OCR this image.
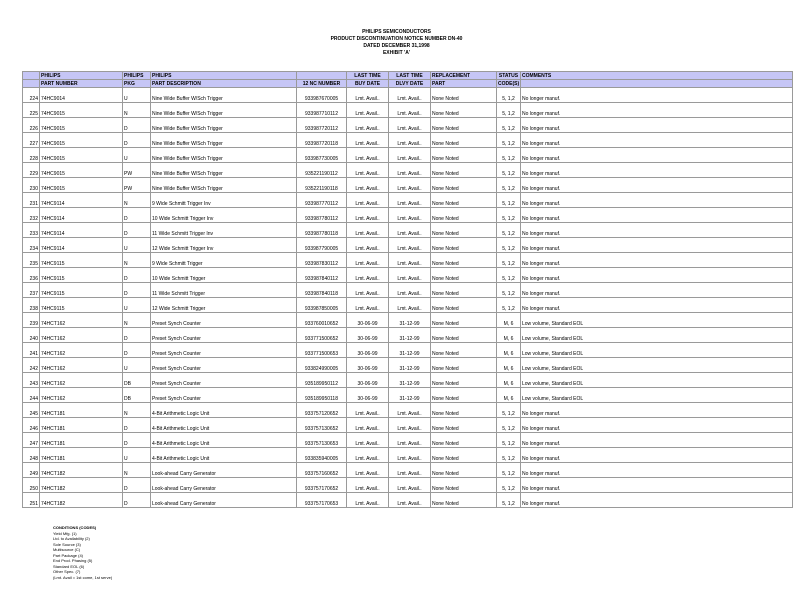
PHILIPS SEMICONDUCTORS
PRODUCT DISCONTINUATION NOTICE NUMBER DN-40
DATED DECEMBER 31,1998
EXHIBIT 'A'
	PHILIPS	PHILIPS	PHILIPS		LAST TIME	LAST TIME	REPLACEMENT	STATUS	COMMENTS
	PART NUMBER	PKG	PART DESCRIPTION	12 NC NUMBER	BUY DATE	DLVY DATE	PART	CODE(S)	
224	74HC9014	U	Nine Wide Buffer W/Sch Trigger	933987670005	Lmt. Avail..	Lmt. Avail..	None Noted	5, 1,2	No longer manuf.
225	74HC9015	N	Nine Wide Buffer W/Sch Trigger	933987710112	Lmt. Avail..	Lmt. Avail..	None Noted	5, 1,2	No longer manuf.
226	74HC9015	D	Nine Wide Buffer W/Sch Trigger	933987720112	Lmt. Avail..	Lmt. Avail..	None Noted	5, 1,2	No longer manuf.
227	74HC9015	D	Nine Wide Buffer W/Sch Trigger	933987720118	Lmt. Avail..	Lmt. Avail..	None Noted	5, 1,2	No longer manuf.
228	74HC9015	U	Nine Wide Buffer W/Sch Trigger	933987730005	Lmt. Avail..	Lmt. Avail..	None Noted	5, 1,2	No longer manuf.
229	74HC9015	PW	Nine Wide Buffer W/Sch Trigger	935221190112	Lmt. Avail..	Lmt. Avail..	None Noted	5, 1,2	No longer manuf.
230	74HC9015	PW	Nine Wide Buffer W/Sch Trigger	935221190118	Lmt. Avail..	Lmt. Avail..	None Noted	5, 1,2	No longer manuf.
231	74HC9114	N	9 Wide Schmitt Trigger Inv	933987770112	Lmt. Avail..	Lmt. Avail..	None Noted	5, 1,2	No longer manuf.
232	74HC9114	D	10 Wide Schmitt Trigger Inv	933987780112	Lmt. Avail..	Lmt. Avail..	None Noted	5, 1,2	No longer manuf.
233	74HC9114	D	11 Wide Schmitt Trigger Inv	933987780118	Lmt. Avail..	Lmt. Avail..	None Noted	5, 1,2	No longer manuf.
234	74HC9114	U	12 Wide Schmitt Trigger Inv	933987790005	Lmt. Avail..	Lmt. Avail..	None Noted	5, 1,2	No longer manuf.
235	74HC9115	N	9 Wide Schmitt Trigger	933987830112	Lmt. Avail..	Lmt. Avail..	None Noted	5, 1,2	No longer manuf.
236	74HC9115	D	10 Wide Schmitt Trigger	933987840112	Lmt. Avail..	Lmt. Avail..	None Noted	5, 1,2	No longer manuf.
237	74HC9115	D	11 Wide Schmitt Trigger	933987840118	Lmt. Avail..	Lmt. Avail..	None Noted	5, 1,2	No longer manuf.
238	74HC9115	U	12 Wide Schmitt Trigger	933987850005	Lmt. Avail..	Lmt. Avail..	None Noted	5, 1,2	No longer manuf.
239	74HCT162	N	Preset Synch Counter	933760010652	30-06-99	31-12-99	None Noted	M, 6	Low volume, Standard EOL
240	74HCT162	D	Preset Synch Counter	933771500652	30-06-99	31-12-99	None Noted	M, 6	Low volume, Standard EOL
241	74HCT162	D	Preset Synch Counter	933771500653	30-06-99	31-12-99	None Noted	M, 6	Low volume, Standard EOL
242	74HCT162	U	Preset Synch Counter	933824990005	30-06-99	31-12-99	None Noted	M, 6	Low volume, Standard EOL
243	74HCT162	DB	Preset Synch Counter	935189950112	30-06-99	31-12-99	None Noted	M, 6	Low volume, Standard EOL
244	74HCT162	DB	Preset Synch Counter	935189950118	30-06-99	31-12-99	None Noted	M, 6	Low volume, Standard EOL
245	74HCT181	N	4-Bit Arithmetic Logic Unit	933757120652	Lmt. Avail..	Lmt. Avail..	None Noted	5, 1,2	No longer manuf.
246	74HCT181	D	4-Bit Arithmetic Logic Unit	933757130652	Lmt. Avail..	Lmt. Avail..	None Noted	5, 1,2	No longer manuf.
247	74HCT181	D	4-Bit Arithmetic Logic Unit	933757130653	Lmt. Avail..	Lmt. Avail..	None Noted	5, 1,2	No longer manuf.
248	74HCT181	U	4-Bit Arithmetic Logic Unit	933835940005	Lmt. Avail..	Lmt. Avail..	None Noted	5, 1,2	No longer manuf.
249	74HCT182	N	Look-ahead Carry Generator	933757160652	Lmt. Avail..	Lmt. Avail..	None Noted	5, 1,2	No longer manuf.
250	74HCT182	D	Look-ahead Carry Generator	933757170652	Lmt. Avail..	Lmt. Avail..	None Noted	5, 1,2	No longer manuf.
251	74HCT182	D	Look-ahead Carry Generator	933757170653	Lmt. Avail..	Lmt. Avail..	None Noted	5, 1,2	No longer manuf.
CONDITIONS (CODES)
Yield Mfg. (1)
Ltd. to Availability (2)
Sole Source (3)
Multisource (C)
Part Package (4)
End Prod. Phasing (5)
Standard EOL (6)
Other Spec. (7)
(Lmt. Avail = 1st come, 1st serve)
